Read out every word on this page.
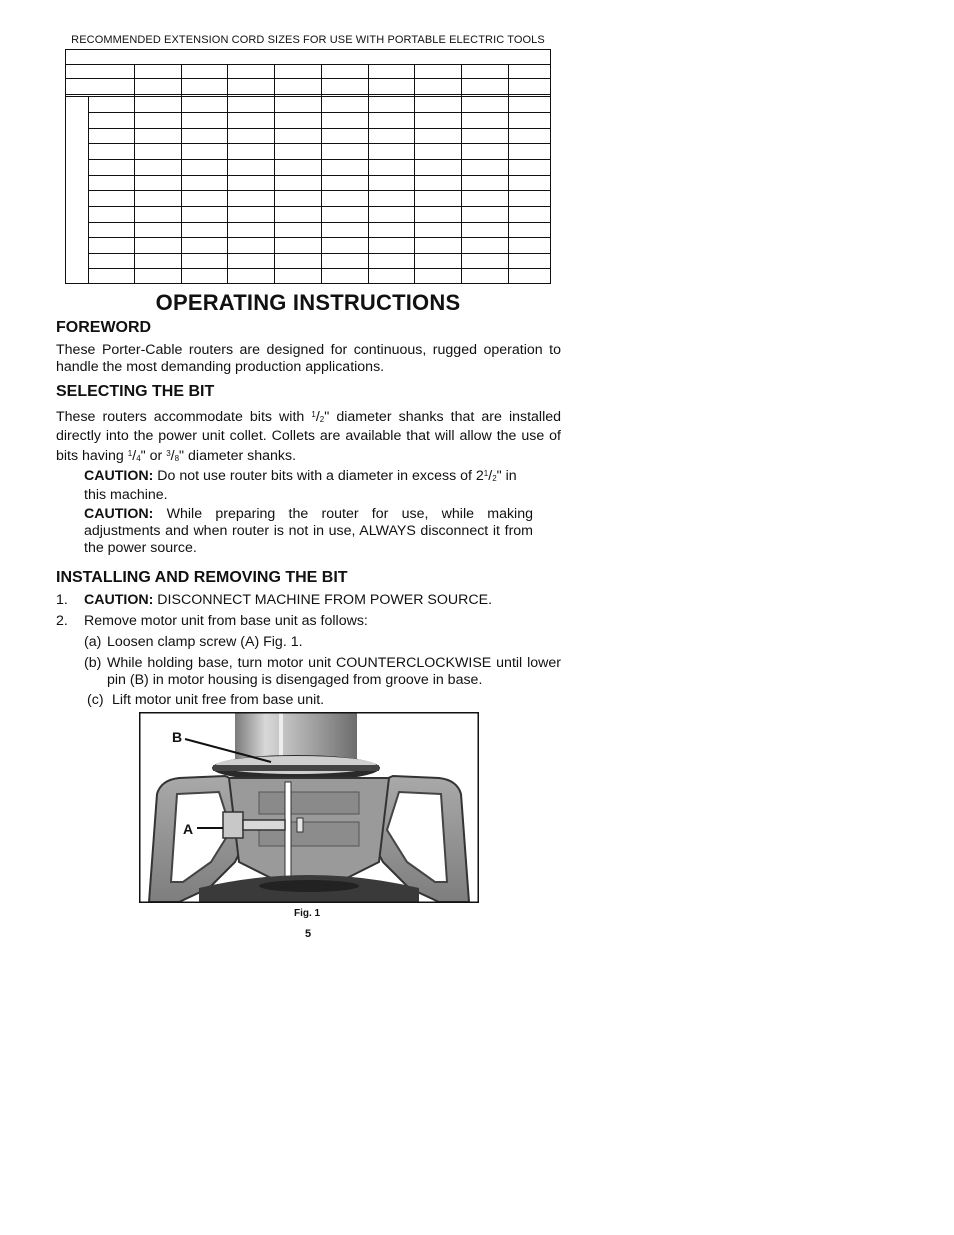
RECOMMENDED EXTENSION CORD SIZES FOR USE WITH PORTABLE ELECTRIC TOOLS
OPERATING INSTRUCTIONS
FOREWORD

These Porter-Cable routers are designed for continuous, rugged operation to handle the most demanding production applications.

SELECTING THE BIT

These routers accommodate bits with $^1$/2" diameter shanks that are installed directly into the power unit collet. Collets are available that will allow the use of bits having $^1$/4" or $^3$/8" diameter shanks.

CAUTION: Do not use router bits with a diameter in excess of $2^1/2$" in this machine.

CAUTION: While preparing the router for use, while making adjustments and when router is not in use, ALWAYS disconnect it from the power source.

INSTALLING AND REMOVING THE BIT
1. CAUTION: DISCONNECT MACHINE FROM POWER SOURCE.
2. Remove motor unit from base unit as follows:
(a) Loosen clamp screw (A) Fig. 1.
(b) While holding base, turn motor unit COUNTERCLOCKWISE until lower pin (B) in motor housing is disengaged from groove in base.

(c) Lift motor unit free from base unit.
B
A
Fig. 1
5
